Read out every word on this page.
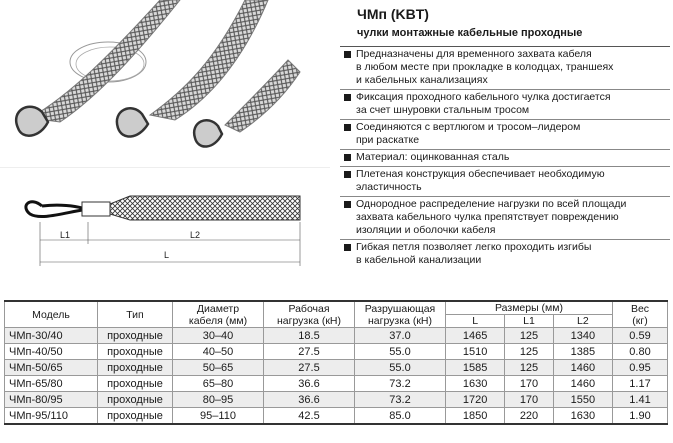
L1	L2
L
ЧМп (KBT)
чулки монтажные кабельные проходные
Предназначены для временного захвата кабеля
в любом месте при прокладке в колодцах, траншеях
и кабельных канализациях
Фиксация проходного кабельного чулка достигается
за счет шнуровки стальным тросом
Соединяются с вертлюгом и тросом–лидером
при раскатке
Материал: оцинкованная сталь
Плетеная конструкция обеспечивает необходимую
эластичность
Однородное распределение нагрузки по всей площади
захвата кабельного чулка препятствует повреждению
изоляции и оболочки кабеля
Гибкая петля позволяет легко проходить изгибы
в кабельной канализации
Модель	Тип	Диаметр
кабеля (мм)	Рабочая
нагрузка (кН)	Разрушающая
нагрузка (кН)	Размеры (мм)			Вес
(кг)
					L	L1	L2	
ЧМп-30/40	проходные	30–40	18.5	37.0	1465	125	1340	0.59
ЧМп-40/50	проходные	40–50	27.5	55.0	1510	125	1385	0.80
ЧМп-50/65	проходные	50–65	27.5	55.0	1585	125	1460	0.95
ЧМп-65/80	проходные	65–80	36.6	73.2	1630	170	1460	1.17
ЧМп-80/95	проходные	80–95	36.6	73.2	1720	170	1550	1.41
ЧМп-95/110	проходные	95–110	42.5	85.0	1850	220	1630	1.90
